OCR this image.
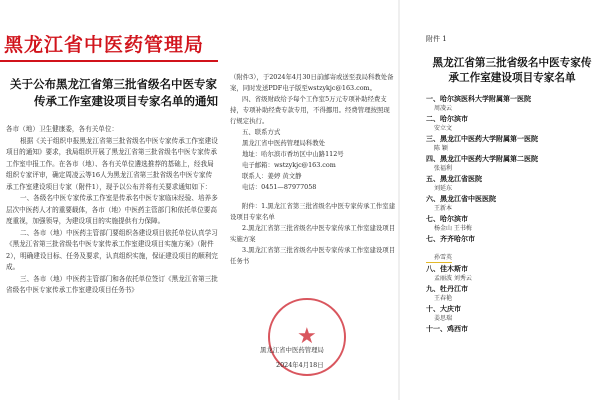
黑龙江省中医药管理局
关于公布黑龙江省第三批省级名中医专家
传承工作室建设项目专家名单的通知

各市（地）卫生健康委，各有关单位：

根据《关于组织申报黑龙江省第三批省级名中医专家传承工作室建设项目的通知》要求，我局组织开展了黑龙江省第三批省级名中医专家传承工作室申报工作。在各市（地）、各有关单位遴选推荐的基础上，经我局组织专家评审，确定周凌云等16人为黑龙江省第三批省级名中医专家传承工作室建设项目专家（附件1），现予以公布并将有关要求通知如下：

一、各级名中医专家传承工作室是传承名中医专家临床经验、培养多层次中医药人才的重要载体，各市（地）中医药主管部门和依托单位要高度重视，加强领导，为建设项目的实施提供有力保障。

二、各市（地）中医药主管部门要组织各建设项目依托单位认真学习《黑龙江省第三批省级名中医专家传承工作室建设项目实施方案》（附件2），明确建设目标、任务及要求，认真组织实施，保证建设项目的顺利完成。

三、各市（地）中医药主管部门和各依托单位签订《黑龙江省第三批省级名中医专家传承工作室建设项目任务书》

（附件3），于2024年4月30日前邮寄或送至我局科教处备案，同时发送PDF电子版至wstzykjc@163.com。

四、省级财政给予每个工作室5万元专项补助经费支持，专项补助经费专款专用，不得挪用。经费管理按照现行规定执行。

五、联系方式

黑龙江省中医药管理局科教处

地址：哈尔滨市香坊区中山路112号

电子邮箱：wstzykjc@163.com

联系人：姜婷 黄文静

电话：0451—87977058

附件：1.黑龙江省第三批省级名中医专家传承工作室建设项目专家名单

2.黑龙江省第三批省级名中医专家传承工作室建设项目实施方案

3.黑龙江省第三批省级名中医专家传承工作室建设项目任务书

★
黑龙江省中医药管理局
2024年4月18日
附件 1
黑龙江省第三批省级名中医专家传承工作室建设项目专家名单
一、哈尔滨医科大学附属第一医院
周凌云
二、哈尔滨市
安立文
三、黑龙江中医药大学附属第一医院
陈 颖
四、黑龙江中医药大学附属第二医院
张福利
五、黑龙江省医院
刘延东
六、黑龙江省中医医院
王新本
七、哈尔滨市
杨金山 王书梅
七、齐齐哈尔市
孙雪英
八、佳木斯市
孟丽波 刘秀云
九、牡丹江市
王春艳
十、大庆市
姜思瑞
十一、鸡西市
